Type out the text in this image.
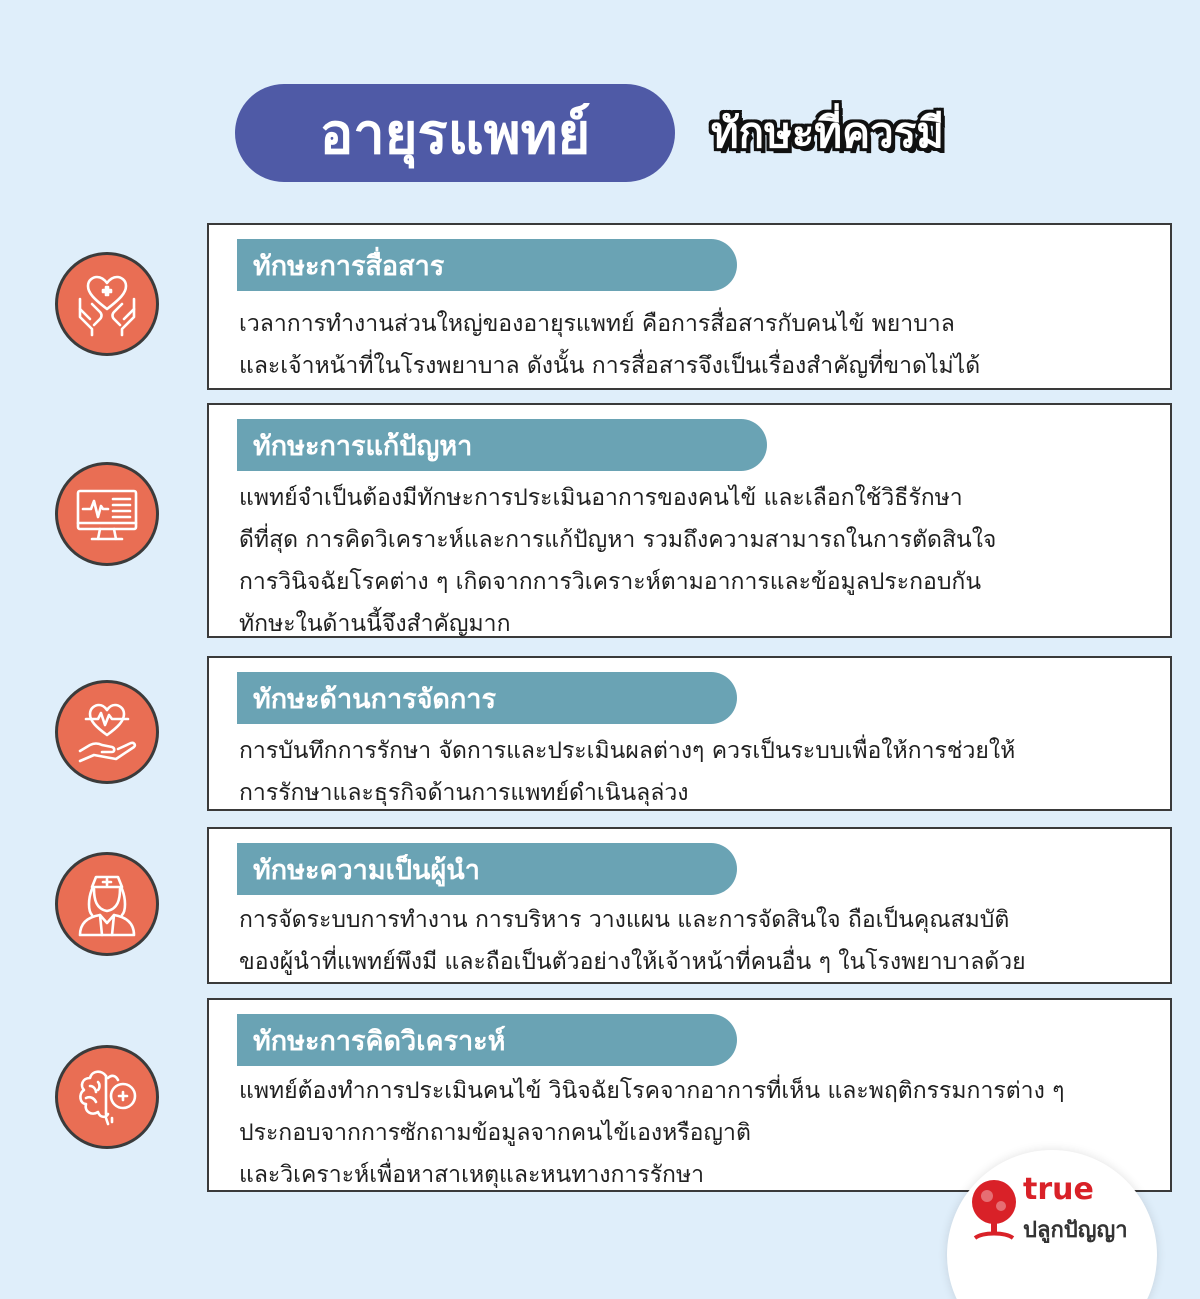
อายุรแพทย์	ทักษะที่ควรมี
ทักษะการสื่อสาร
เวลาการทำงานส่วนใหญ่ของอายุรแพทย์ คือการสื่อสารกับคนไข้ พยาบาล
และเจ้าหน้าที่ในโรงพยาบาล ดังนั้น การสื่อสารจึงเป็นเรื่องสำคัญที่ขาดไม่ได้
ทักษะการแก้ปัญหา
แพทย์จำเป็นต้องมีทักษะการประเมินอาการของคนไข้ และเลือกใช้วิธีรักษา
ดีที่สุด การคิดวิเคราะห์และการแก้ปัญหา รวมถึงความสามารถในการตัดสินใจ
การวินิจฉัยโรคต่าง ๆ เกิดจากการวิเคราะห์ตามอาการและข้อมูลประกอบกัน
ทักษะในด้านนี้จึงสำคัญมาก
ทักษะด้านการจัดการ
การบันทึกการรักษา จัดการและประเมินผลต่างๆ ควรเป็นระบบเพื่อให้การช่วยให้
การรักษาและธุรกิจด้านการแพทย์ดำเนินลุล่วง
ทักษะความเป็นผู้นำ
การจัดระบบการทำงาน การบริหาร วางแผน และการจัดสินใจ ถือเป็นคุณสมบัติ
ของผู้นำที่แพทย์พึงมี และถือเป็นตัวอย่างให้เจ้าหน้าที่คนอื่น ๆ ในโรงพยาบาลด้วย
ทักษะการคิดวิเคราะห์
แพทย์ต้องทำการประเมินคนไข้ วินิจฉัยโรคจากอาการที่เห็น และพฤติกรรมการต่าง ๆ
ประกอบจากการซักถามข้อมูลจากคนไข้เองหรือญาติ
และวิเคราะห์เพื่อหาสาเหตุและหนทางการรักษา	true
ปลูกปัญญา
